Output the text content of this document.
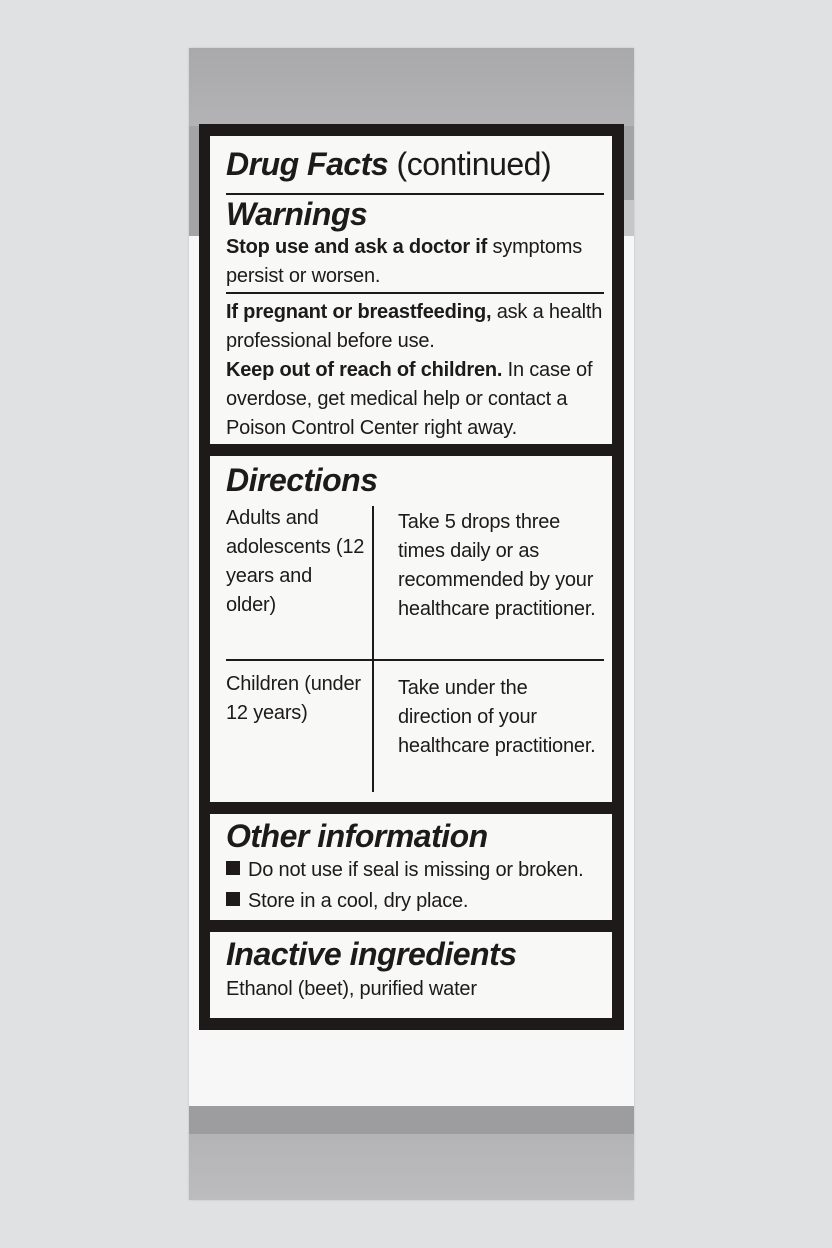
Drug Facts (continued)
Warnings
Stop use and ask a doctor if symptoms persist or worsen.
If pregnant or breastfeeding, ask a health professional before use.
Keep out of reach of children. In case of overdose, get medical help or contact a Poison Control Center right away.
Directions
Adults and adolescents (12 years and older)
Take 5 drops three times daily or as recommended by your healthcare practitioner.
Children (under 12 years)
Take under the direction of your healthcare practitioner.
Other information
Do not use if seal is missing or broken.
Store in a cool, dry place.
Inactive ingredients
Ethanol (beet), purified water
